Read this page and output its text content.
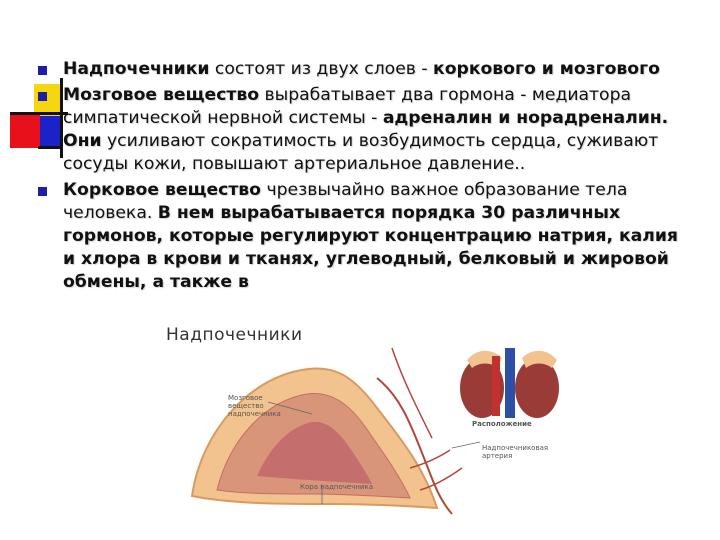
Надпочечники состоят из двух слоев - коркового и мозгового
Мозговое вещество вырабатывает два гормона - медиатора симпатической нервной системы - адреналин и норадреналин. Они усиливают сократимость и возбудимость сердца, суживают сосуды кожи, повышают артериальное давление..
Корковое вещество чрезвычайно важное образование тела человека. В нем вырабатывается порядка 30 различных гормонов, которые регулируют концентрацию натрия, калия и хлора в крови и тканях, углеводный, белковый и жировой обмены, а также в
Надпочечники
Мозговое
вещество
надпочечника
Расположение
Надпочечниковая
артерия
Кора надпочечника
